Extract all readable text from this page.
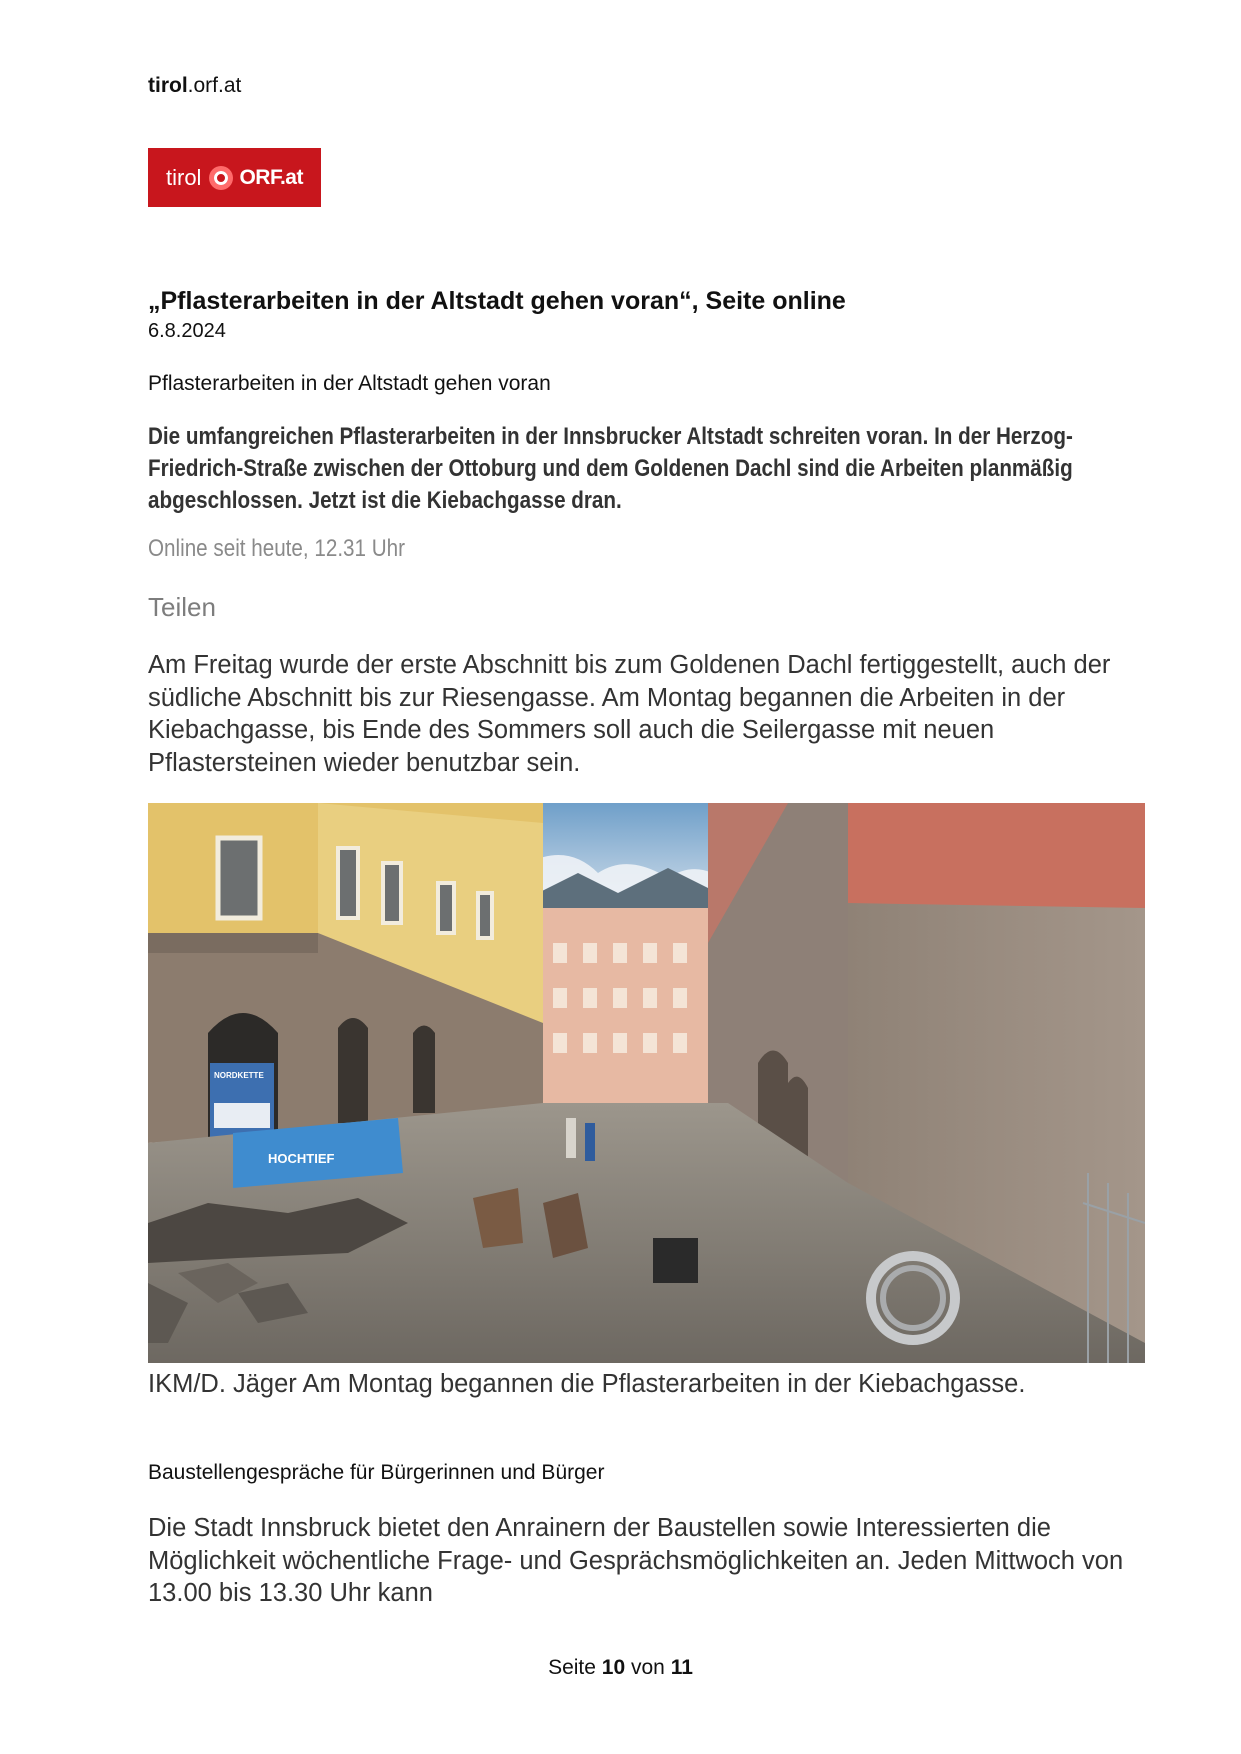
tirol.orf.at
tirol ORF.at
„Pflasterarbeiten in der Altstadt gehen voran“, Seite online
6.8.2024
Pflasterarbeiten in der Altstadt gehen voran
Die umfangreichen Pflasterarbeiten in der Innsbrucker Altstadt schreiten voran. In der Herzog-Friedrich-Straße zwischen der Ottoburg und dem Goldenen Dachl sind die Arbeiten planmäßig abgeschlossen. Jetzt ist die Kiebachgasse dran.
Online seit heute, 12.31 Uhr
Teilen
Am Freitag wurde der erste Abschnitt bis zum Goldenen Dachl fertiggestellt, auch der südliche Abschnitt bis zur Riesengasse. Am Montag begannen die Arbeiten in der Kiebachgasse, bis Ende des Sommers soll auch die Seilergasse mit neuen Pflastersteinen wieder benutzbar sein.
NORDKETTE
HOCHTIEF
IKM/D. Jäger Am Montag begannen die Pflasterarbeiten in der Kiebachgasse.
Baustellengespräche für Bürgerinnen und Bürger
Die Stadt Innsbruck bietet den Anrainern der Baustellen sowie Interessierten die Möglichkeit wöchentliche Frage- und Gesprächsmöglichkeiten an. Jeden Mittwoch von 13.00 bis 13.30 Uhr kann
Seite 10 von 11
